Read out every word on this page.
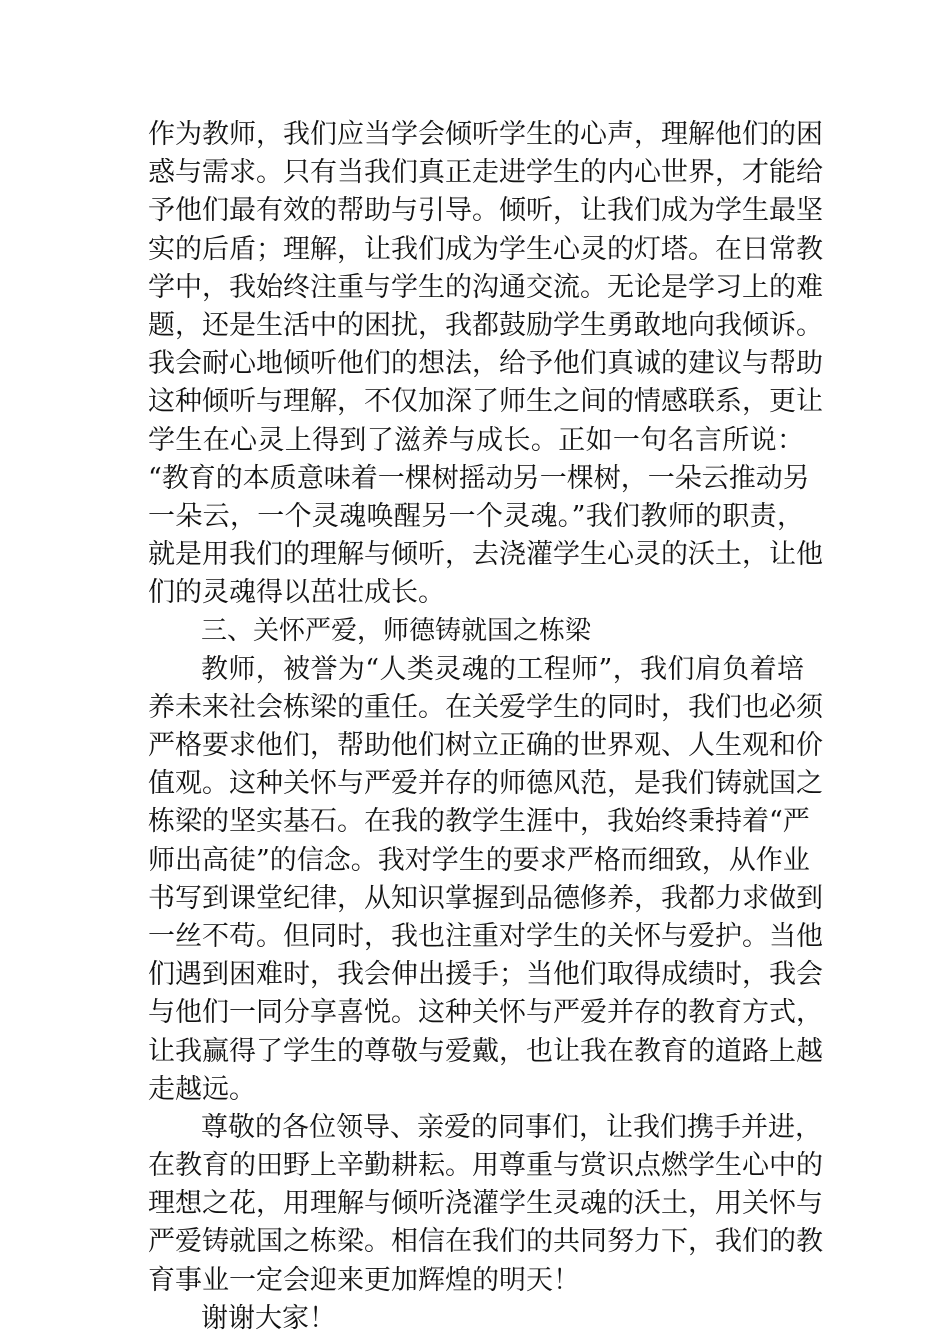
作为教师，我们应当学会倾听学生的心声，理解他们的困
惑与需求。只有当我们真正走进学生的内心世界，才能给
予他们最有效的帮助与引导。倾听，让我们成为学生最坚
实的后盾；理解，让我们成为学生心灵的灯塔。在日常教
学中，我始终注重与学生的沟通交流。无论是学习上的难
题，还是生活中的困扰，我都鼓励学生勇敢地向我倾诉。
我会耐心地倾听他们的想法，给予他们真诚的建议与帮助
这种倾听与理解，不仅加深了师生之间的情感联系，更让
学生在心灵上得到了滋养与成长。正如一句名言所说：
“教育的本质意味着一棵树摇动另一棵树，一朵云推动另
一朵云，一个灵魂唤醒另一个灵魂。”我们教师的职责，
就是用我们的理解与倾听，去浇灌学生心灵的沃土，让他
们的灵魂得以茁壮成长。
三、关怀严爱，师德铸就国之栋梁
教师，被誉为“人类灵魂的工程师”，我们肩负着培
养未来社会栋梁的重任。在关爱学生的同时，我们也必须
严格要求他们，帮助他们树立正确的世界观、人生观和价
值观。这种关怀与严爱并存的师德风范，是我们铸就国之
栋梁的坚实基石。在我的教学生涯中，我始终秉持着“严
师出高徒”的信念。我对学生的要求严格而细致，从作业
书写到课堂纪律，从知识掌握到品德修养，我都力求做到
一丝不苟。但同时，我也注重对学生的关怀与爱护。当他
们遇到困难时，我会伸出援手；当他们取得成绩时，我会
与他们一同分享喜悦。这种关怀与严爱并存的教育方式，
让我赢得了学生的尊敬与爱戴，也让我在教育的道路上越
走越远。
尊敬的各位领导、亲爱的同事们，让我们携手并进，
在教育的田野上辛勤耕耘。用尊重与赏识点燃学生心中的
理想之花，用理解与倾听浇灌学生灵魂的沃土，用关怀与
严爱铸就国之栋梁。相信在我们的共同努力下，我们的教
育事业一定会迎来更加辉煌的明天！
谢谢大家！
